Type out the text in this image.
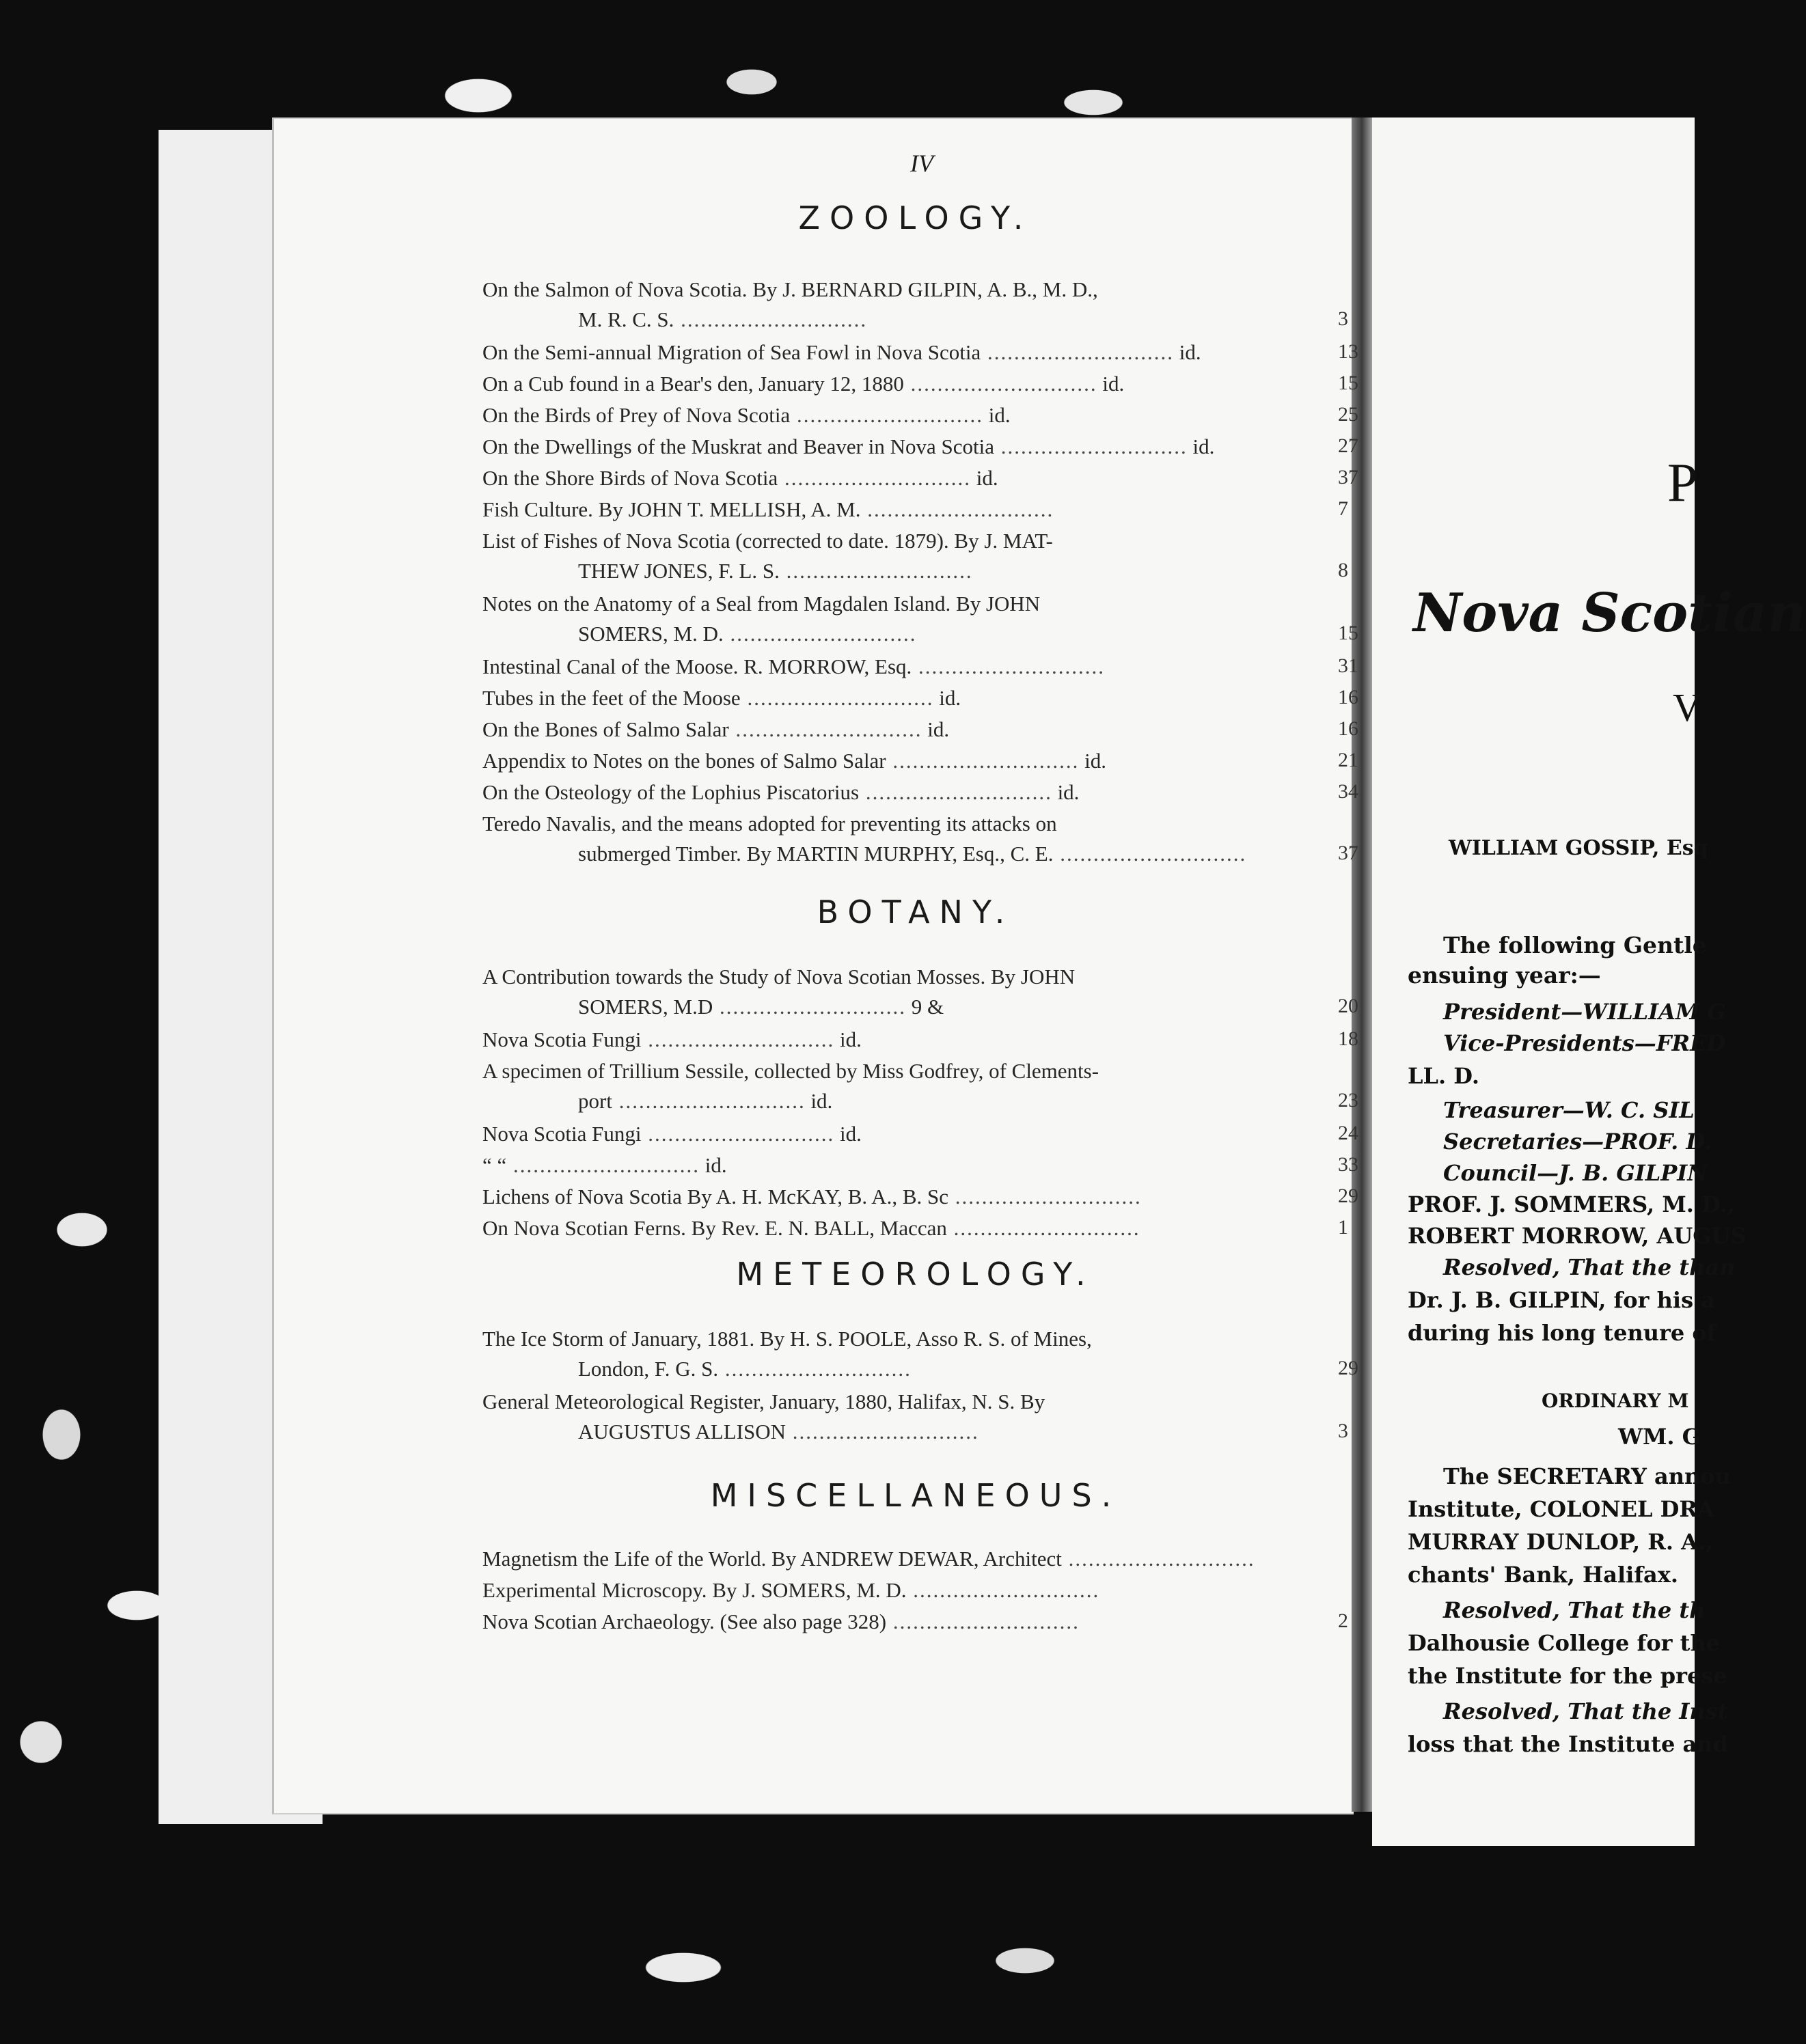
IV
ZOOLOGY.
On the Salmon of Nova Scotia. By J. BERNARD GILPIN, A. B., M. D.,
M. R. C. S. ............................	3
On the Semi-annual Migration of Sea Fowl in Nova Scotia ............................ id.	13
On a Cub found in a Bear's den, January 12, 1880 ............................ id.	15
On the Birds of Prey of Nova Scotia ............................ id.	25
On the Dwellings of the Muskrat and Beaver in Nova Scotia ............................ id.	27
On the Shore Birds of Nova Scotia ............................ id.	37
Fish Culture. By JOHN T. MELLISH, A. M. ............................	7
List of Fishes of Nova Scotia (corrected to date. 1879). By J. MAT-
THEW JONES, F. L. S. ............................	8
Notes on the Anatomy of a Seal from Magdalen Island. By JOHN
SOMERS, M. D. ............................	15
Intestinal Canal of the Moose. R. MORROW, Esq. ............................	31
Tubes in the feet of the Moose ............................ id.	16
On the Bones of Salmo Salar ............................ id.	16
Appendix to Notes on the bones of Salmo Salar ............................ id.	21
On the Osteology of the Lophius Piscatorius ............................ id.	34
Teredo Navalis, and the means adopted for preventing its attacks on
submerged Timber. By MARTIN MURPHY, Esq., C. E. ............................	37
BOTANY.
A Contribution towards the Study of Nova Scotian Mosses. By JOHN
SOMERS, M.D ............................ 9 &	20
Nova Scotia Fungi ............................ id.	18
A specimen of Trillium Sessile, collected by Miss Godfrey, of Clements-
port ............................ id.	23
Nova Scotia Fungi ............................ id.	24
“ “ ............................ id.	33
Lichens of Nova Scotia By A. H. McKAY, B. A., B. Sc ............................	29
On Nova Scotian Ferns. By Rev. E. N. BALL, Maccan ............................	1
METEOROLOGY.
The Ice Storm of January, 1881. By H. S. POOLE, Asso R. S. of Mines,
London, F. G. S. ............................	29
General Meteorological Register, January, 1880, Halifax, N. S. By
AUGUSTUS ALLISON ............................	3
MISCELLANEOUS.
Magnetism the Life of the World. By ANDREW DEWAR, Architect ............................
Experimental Microscopy. By J. SOMERS, M. D. ............................
Nova Scotian Archaeology. (See also page 328) ............................	2
P
Nova Scotian
V
WILLIAM GOSSIP, Esq
The following Gentle
ensuing year:—
President—WILLIAM G
Vice-Presidents—FRED
LL. D.
Treasurer—W. C. SIL
Secretaries—PROF. D.
Council—J. B. GILPIN
PROF. J. SOMMERS, M. D.,
ROBERT MORROW, AUGUS
Resolved, That the than
Dr. J. B. GILPIN, for his a
during his long tenure of
ORDINARY M
WM. G
The SECRETARY annou
Institute, COLONEL DRA
MURRAY DUNLOP, R. A.,
chants' Bank, Halifax.
Resolved, That the th
Dalhousie College for the
the Institute for the prese
Resolved, That the Inst
loss that the Institute and
